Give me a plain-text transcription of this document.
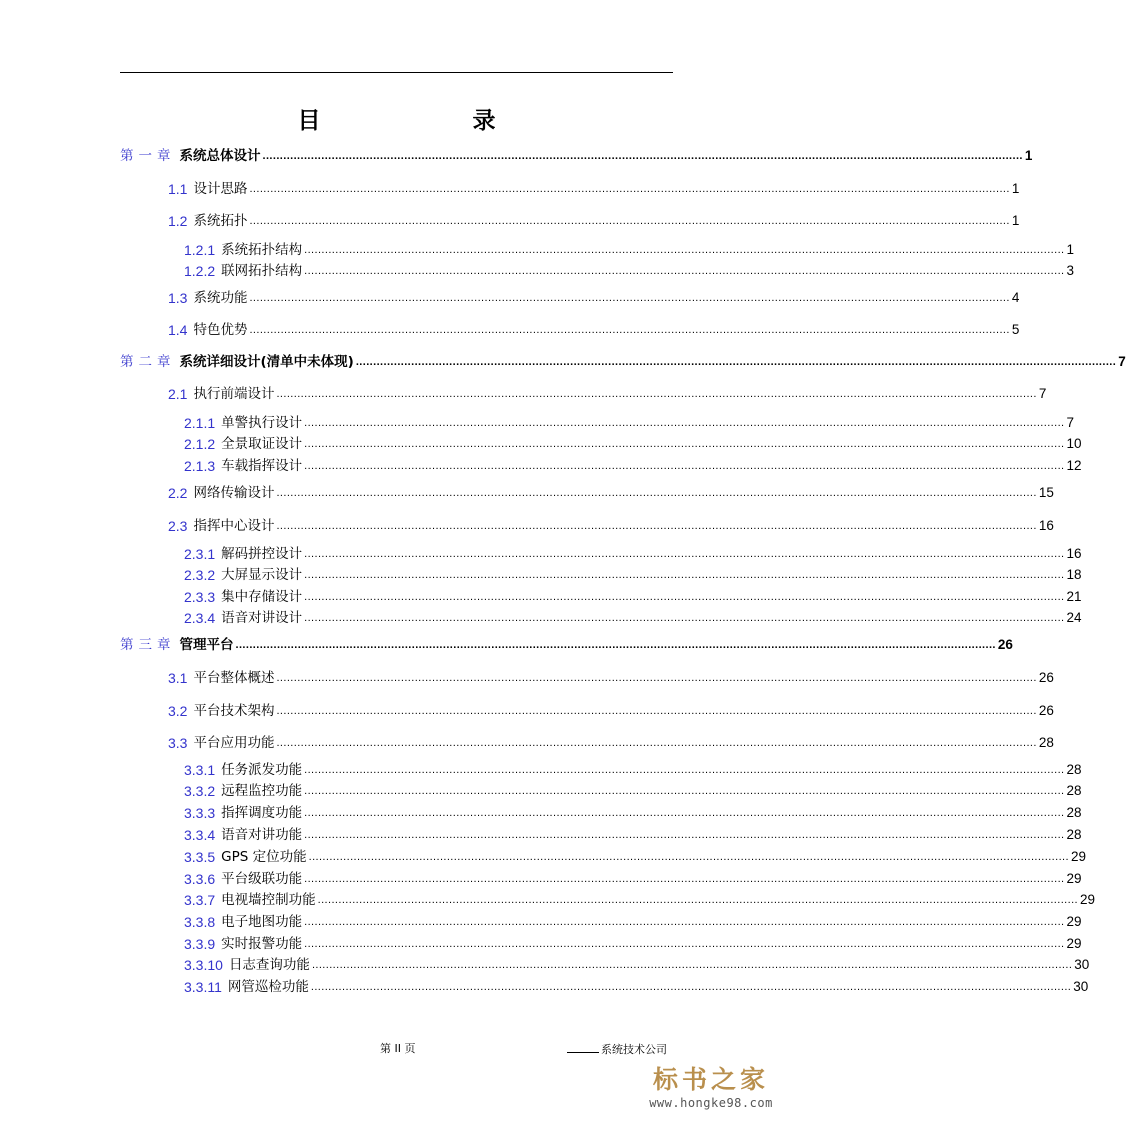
目 录
第一章 系统总体设计 ............................................................................................................................................................................................................................ 1
1.1 设计思路 ............................................................................................................................................................................................................................ 1
1.2 系统拓扑 ............................................................................................................................................................................................................................ 1
1.2.1 系统拓扑结构 ............................................................................................................................................................................................................................ 1
1.2.2 联网拓扑结构 ............................................................................................................................................................................................................................ 3
1.3 系统功能 ............................................................................................................................................................................................................................ 4
1.4 特色优势 ............................................................................................................................................................................................................................ 5
第二章 系统详细设计(清单中未体现) ............................................................................................................................................................................................................................ 7
2.1 执行前端设计 ............................................................................................................................................................................................................................ 7
2.1.1 单警执行设计 ............................................................................................................................................................................................................................ 7
2.1.2 全景取证设计 ............................................................................................................................................................................................................................ 10
2.1.3 车载指挥设计 ............................................................................................................................................................................................................................ 12
2.2 网络传输设计 ............................................................................................................................................................................................................................ 15
2.3 指挥中心设计 ............................................................................................................................................................................................................................ 16
2.3.1 解码拼控设计 ............................................................................................................................................................................................................................ 16
2.3.2 大屏显示设计 ............................................................................................................................................................................................................................ 18
2.3.3 集中存储设计 ............................................................................................................................................................................................................................ 21
2.3.4 语音对讲设计 ............................................................................................................................................................................................................................ 24
第三章 管理平台 ............................................................................................................................................................................................................................ 26
3.1 平台整体概述 ............................................................................................................................................................................................................................ 26
3.2 平台技术架构 ............................................................................................................................................................................................................................ 26
3.3 平台应用功能 ............................................................................................................................................................................................................................ 28
3.3.1 任务派发功能 ............................................................................................................................................................................................................................ 28
3.3.2 远程监控功能 ............................................................................................................................................................................................................................ 28
3.3.3 指挥调度功能 ............................................................................................................................................................................................................................ 28
3.3.4 语音对讲功能 ............................................................................................................................................................................................................................ 28
3.3.5 GPS 定位功能 ............................................................................................................................................................................................................................ 29
3.3.6 平台级联功能 ............................................................................................................................................................................................................................ 29
3.3.7 电视墙控制功能 ............................................................................................................................................................................................................................ 29
3.3.8 电子地图功能 ............................................................................................................................................................................................................................ 29
3.3.9 实时报警功能 ............................................................................................................................................................................................................................ 29
3.3.10 日志查询功能 ............................................................................................................................................................................................................................ 30
3.3.11 网管巡检功能 ............................................................................................................................................................................................................................ 30
第 II 页	系统技术公司
标书之家
www.hongke98.com
